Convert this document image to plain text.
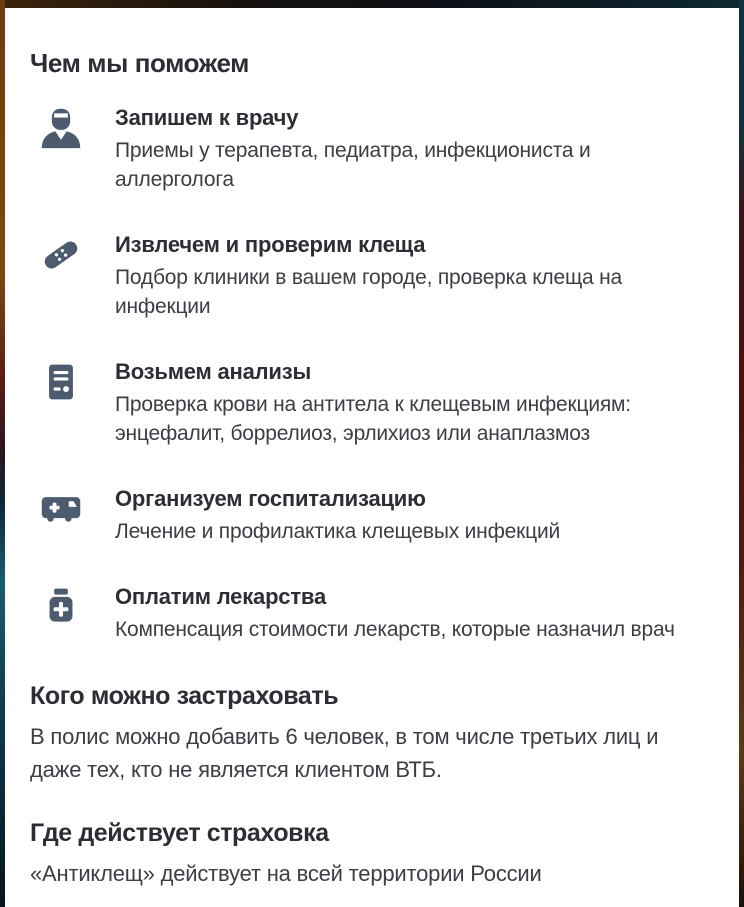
Чем мы поможем
Запишем к врачу
Приемы у терапевта, педиатра, инфекциониста и аллерголога
Извлечем и проверим клеща
Подбор клиники в вашем городе, проверка клеща на инфекции
Возьмем анализы
Проверка крови на антитела к клещевым инфекциям: энцефалит, боррелиоз, эрлихиоз или анаплазмоз
Организуем госпитализацию
Лечение и профилактика клещевых инфекций
Оплатим лекарства
Компенсация стоимости лекарств, которые назначил врач
Кого можно застраховать
В полис можно добавить 6 человек, в том числе третьих лиц и даже тех, кто не является клиентом ВТБ.
Где действует страховка
«Антиклещ» действует на всей территории России
